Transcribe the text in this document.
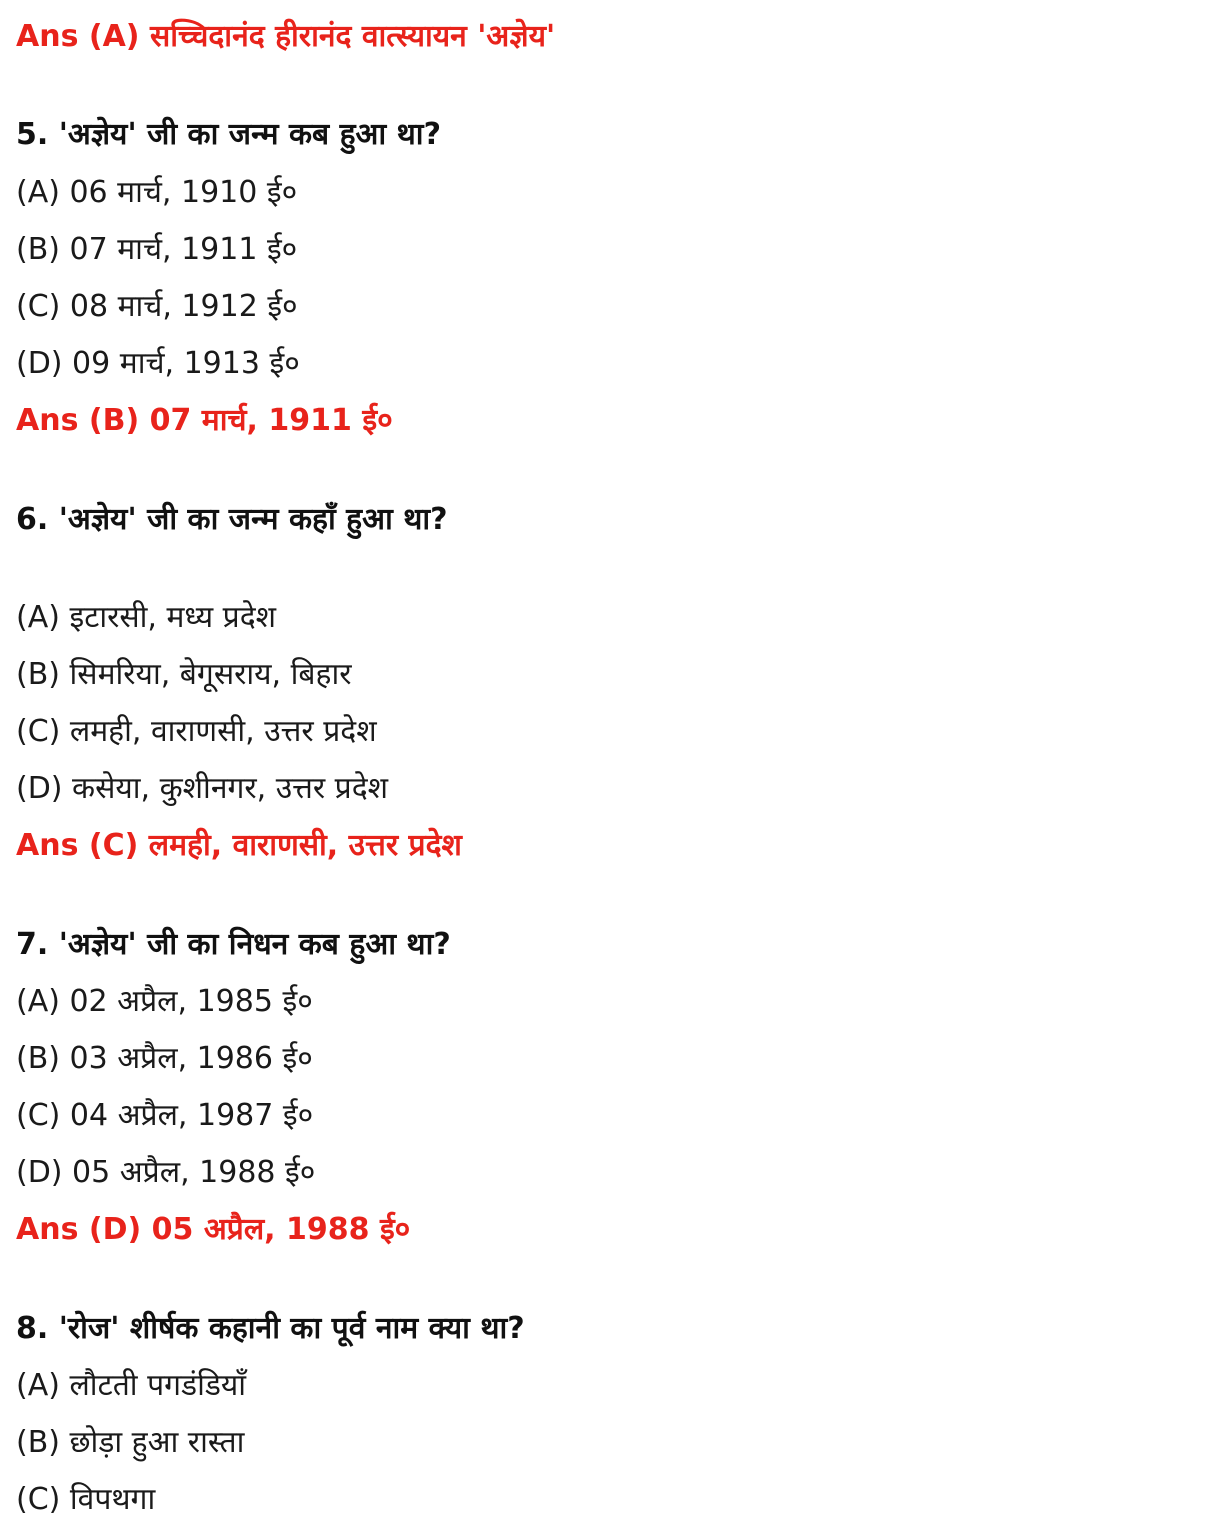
Ans (A) सच्चिदानंद हीरानंद वात्स्यायन 'अज्ञेय'
5. 'अज्ञेय' जी का जन्म कब हुआ था?
(A) 06 मार्च, 1910 ई०
(B) 07 मार्च, 1911 ई०
(C) 08 मार्च, 1912 ई०
(D) 09 मार्च, 1913 ई०
Ans (B) 07 मार्च, 1911 ई०
6. 'अज्ञेय' जी का जन्म कहाँ हुआ था?
(A) इटारसी, मध्य प्रदेश
(B) सिमरिया, बेगूसराय, बिहार
(C) लमही, वाराणसी, उत्तर प्रदेश
(D) कसेया, कुशीनगर, उत्तर प्रदेश
Ans (C) लमही, वाराणसी, उत्तर प्रदेश
7. 'अज्ञेय' जी का निधन कब हुआ था?
(A) 02 अप्रैल, 1985 ई०
(B) 03 अप्रैल, 1986 ई०
(C) 04 अप्रैल, 1987 ई०
(D) 05 अप्रैल, 1988 ई०
Ans (D) 05 अप्रैल, 1988 ई०
8. 'रोज' शीर्षक कहानी का पूर्व नाम क्या था?
(A) लौटती पगडंडियाँ
(B) छोड़ा हुआ रास्ता
(C) विपथगा
